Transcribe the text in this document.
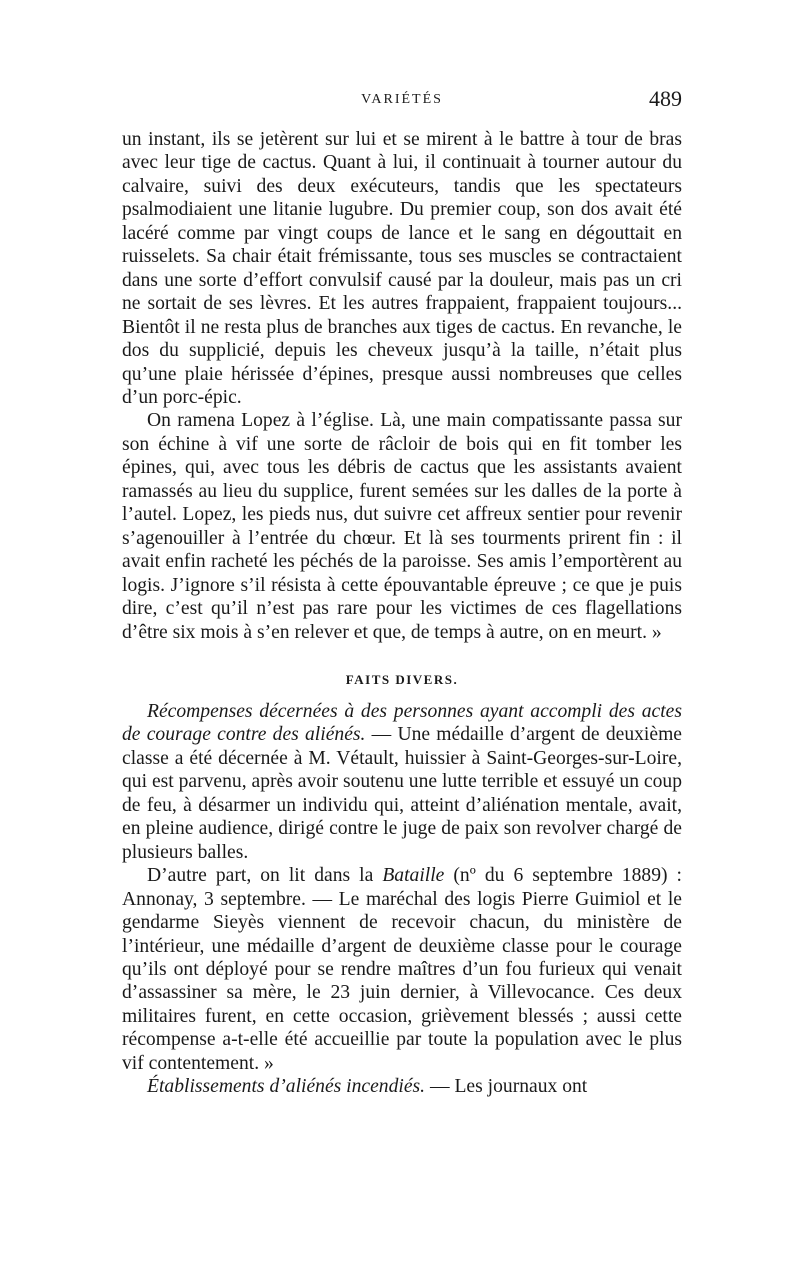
VARIÉTÉS	489

un instant, ils se jetèrent sur lui et se mirent à le battre à tour de bras avec leur tige de cactus. Quant à lui, il continuait à tourner autour du calvaire, suivi des deux exécuteurs, tandis que les spectateurs psalmodiaient une litanie lugubre. Du premier coup, son dos avait été lacéré comme par vingt coups de lance et le sang en dégouttait en ruisselets. Sa chair était frémissante, tous ses muscles se contractaient dans une sorte d’effort convulsif causé par la douleur, mais pas un cri ne sortait de ses lèvres. Et les autres frappaient, frappaient toujours... Bientôt il ne resta plus de branches aux tiges de cactus. En revanche, le dos du supplicié, depuis les cheveux jusqu’à la taille, n’était plus qu’une plaie hérissée d’épines, presque aussi nombreuses que celles d’un porc-épic.

On ramena Lopez à l’église. Là, une main compatissante passa sur son échine à vif une sorte de râcloir de bois qui en fit tomber les épines, qui, avec tous les débris de cactus que les assistants avaient ramassés au lieu du supplice, furent semées sur les dalles de la porte à l’autel. Lopez, les pieds nus, dut suivre cet affreux sentier pour revenir s’agenouiller à l’entrée du chœur. Et là ses tourments prirent fin : il avait enfin racheté les péchés de la paroisse. Ses amis l’emportèrent au logis. J’ignore s’il résista à cette épouvantable épreuve ; ce que je puis dire, c’est qu’il n’est pas rare pour les victimes de ces flagellations d’être six mois à s’en relever et que, de temps à autre, on en meurt. »

FAITS DIVERS.

Récompenses décernées à des personnes ayant accompli des actes de courage contre des aliénés. — Une médaille d’argent de deuxième classe a été décernée à M. Vétault, huissier à Saint-Georges-sur-Loire, qui est parvenu, après avoir soutenu une lutte terrible et essuyé un coup de feu, à désarmer un individu qui, atteint d’aliénation mentale, avait, en pleine audience, dirigé contre le juge de paix son revolver chargé de plusieurs balles.

D’autre part, on lit dans la Bataille (nº du 6 septembre 1889) : Annonay, 3 septembre. — Le maréchal des logis Pierre Guimiol et le gendarme Sieyès viennent de recevoir chacun, du ministère de l’intérieur, une médaille d’argent de deuxième classe pour le courage qu’ils ont déployé pour se rendre maîtres d’un fou furieux qui venait d’assassiner sa mère, le 23 juin dernier, à Villevocance. Ces deux militaires furent, en cette occasion, grièvement blessés ; aussi cette récompense a-t-elle été accueillie par toute la population avec le plus vif contentement. »

Établissements d’aliénés incendiés. — Les journaux ont
